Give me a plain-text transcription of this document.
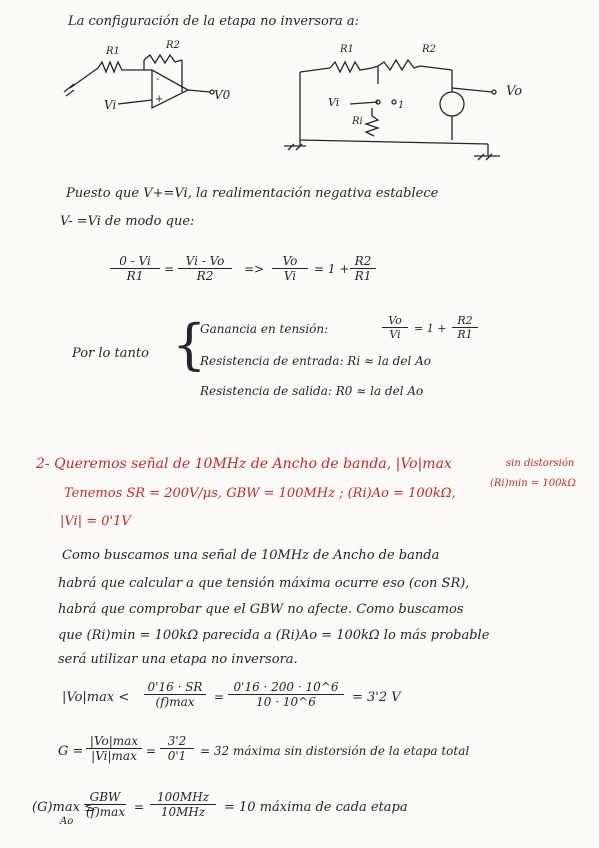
La configuración de la etapa no inversora a:
R1
R2
Vi
V0
-
+
R1	R2
Vo
Vi
Ri
1
Puesto que V+=Vi, la realimentación negativa establece
V- =Vi de modo que:
$\frac{0 - Vi}{R1} = \frac{Vi - Vo}{R2} => \frac{Vo}{Vi} = 1 + \frac{R2}{R1}$
Por lo tanto {
Ganancia en tensión:	$\frac{Vo}{Vi} = 1 + \frac{R2}{R1}$
Resistencia de entrada: Ri ≈ la del Ao
Resistencia de salida: R0 ≈ la del Ao
2- Queremos señal de 10MHz de Ancho de banda, |Vo|max	sin distorsión
(Ri)min = 100kΩ
Tenemos SR = 200V/μs, GBW = 100MHz ; (Ri)Ao = 100kΩ,
|Vi| = 0'1V
Como buscamos una señal de 10MHz de Ancho de banda
habrá que calcular a que tensión máxima ocurre eso (con SR),
habrá que comprobar que el GBW no afecte. Como buscamos
que (Ri)min = 100kΩ parecida a (Ri)Ao = 100kΩ lo más probable
será utilizar una etapa no inversora.
|Vo|max <
0'16 · SR
(f)max	= $\frac{0'16 \cdot 200 \cdot 10\^{}6}{10 \cdot 10\^{}6} = 3'2$ V
G =
|Vo|max
$|Vi|\max = \frac{3'2}{0'1} = 32$ máxima sin distorsión de la etapa total
(G)max ≤
Ao
GBW
(f)max =
100MHz
10MHz	= 10 máxima de cada etapa
